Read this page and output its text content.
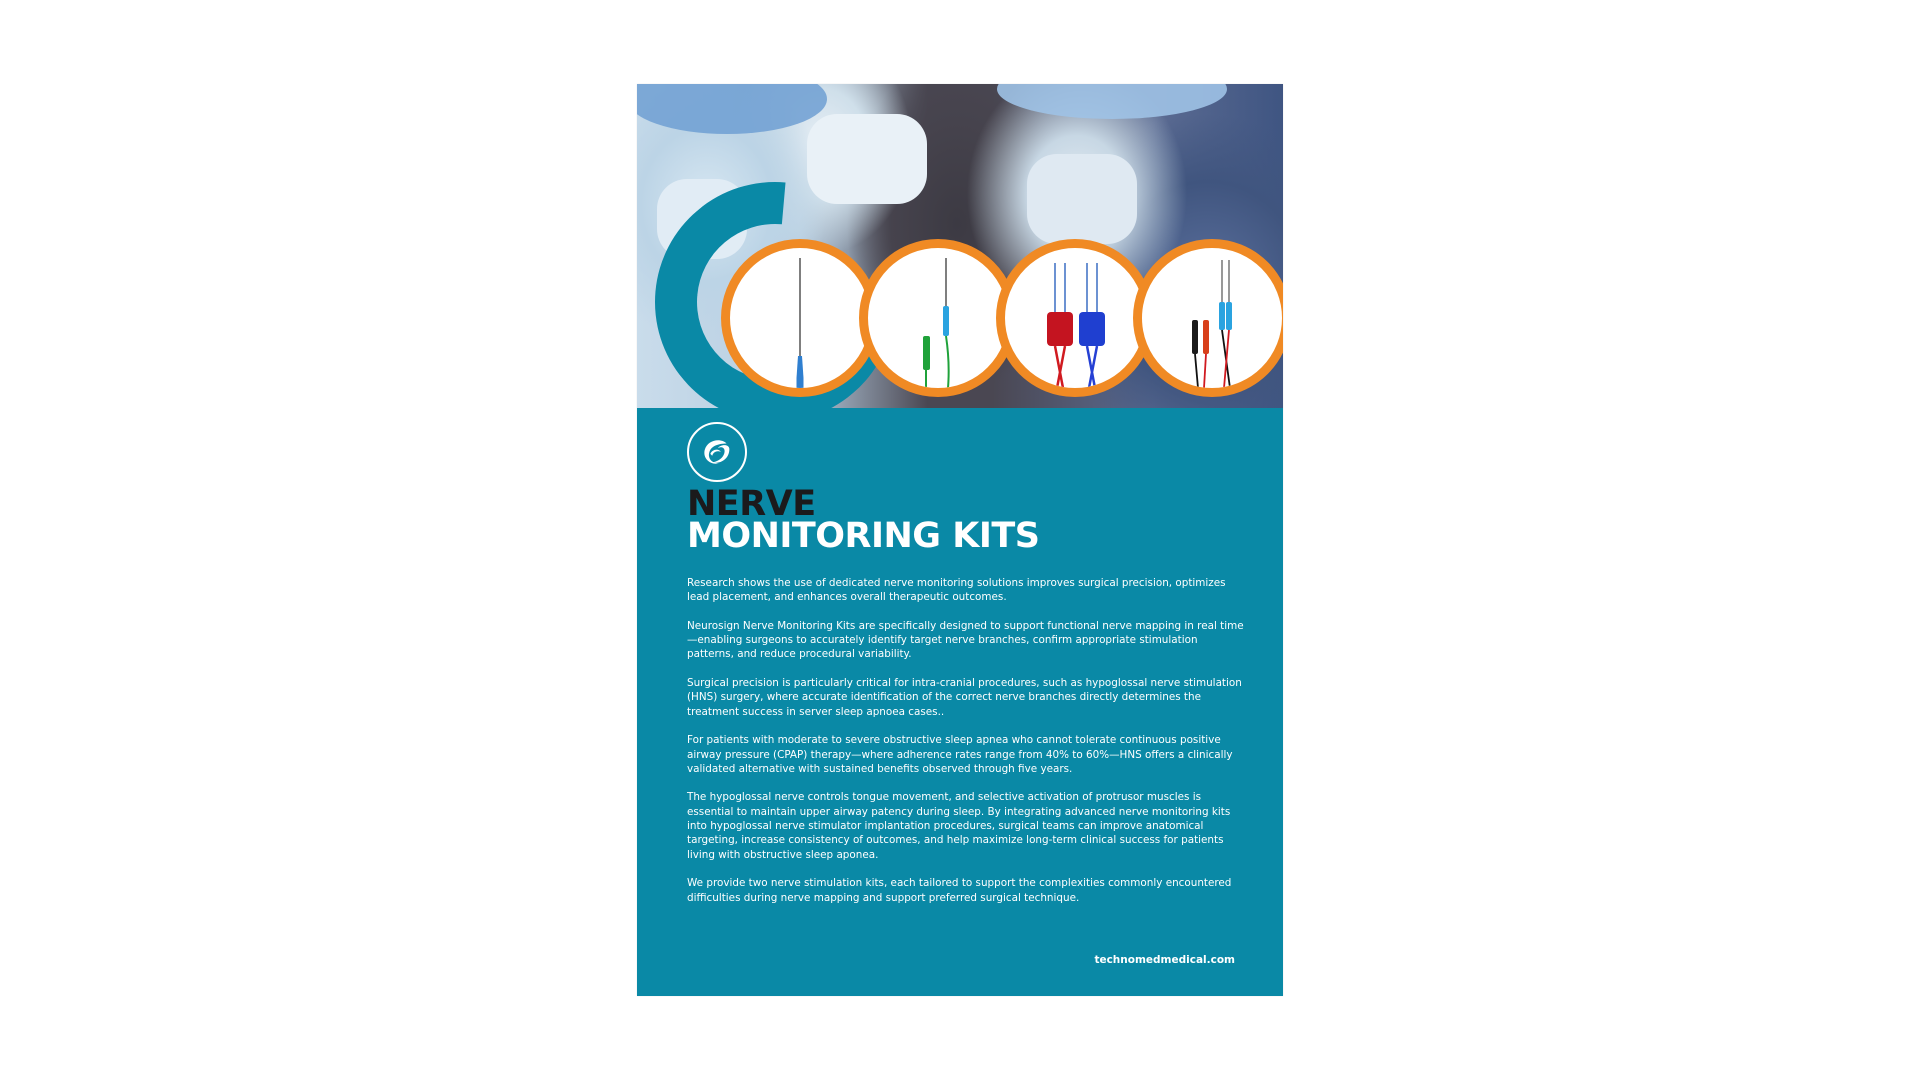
NERVE
MONITORING KITS

Research shows the use of dedicated nerve monitoring solutions improves surgical precision, optimizes lead placement, and enhances overall therapeutic outcomes.

Neurosign Nerve Monitoring Kits are specifically designed to support functional nerve mapping in real time—enabling surgeons to accurately identify target nerve branches, confirm appropriate stimulation patterns, and reduce procedural variability.

Surgical precision is particularly critical for intra-cranial procedures, such as hypoglossal nerve stimulation (HNS) surgery, where accurate identification of the correct nerve branches directly determines the treatment success in server sleep apnoea cases..

For patients with moderate to severe obstructive sleep apnea who cannot tolerate continuous positive airway pressure (CPAP) therapy—where adherence rates range from 40% to 60%—HNS offers a clinically validated alternative with sustained benefits observed through five years.

The hypoglossal nerve controls tongue movement, and selective activation of protrusor muscles is essential to maintain upper airway patency during sleep. By integrating advanced nerve monitoring kits into hypoglossal nerve stimulator implantation procedures, surgical teams can improve anatomical targeting, increase consistency of outcomes, and help maximize long-term clinical success for patients living with obstructive sleep aponea.

We provide two nerve stimulation kits, each tailored to support the complexities commonly encountered difficulties during nerve mapping and support preferred surgical technique.

technomedmedical.com
